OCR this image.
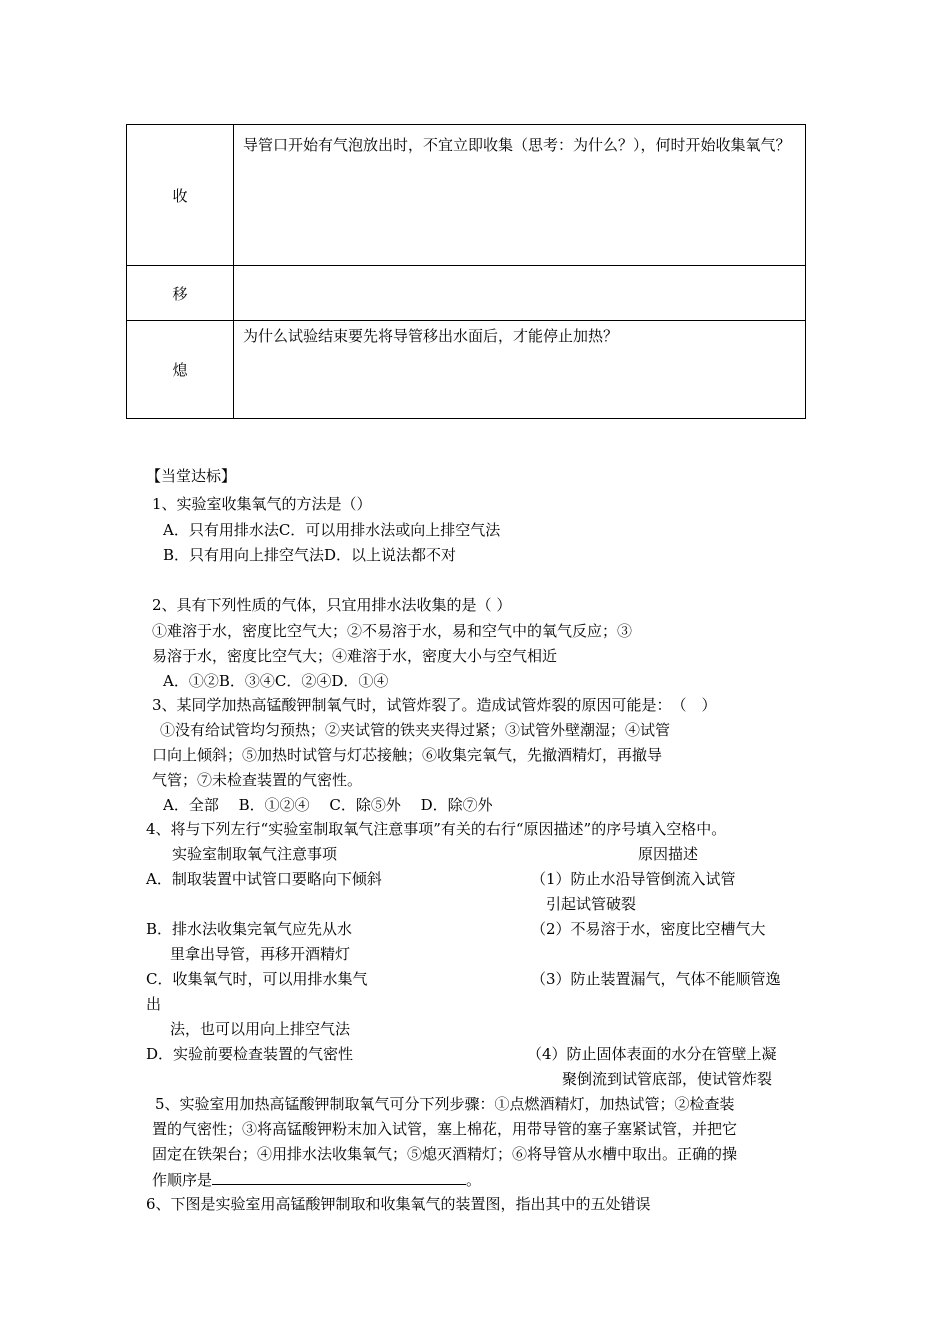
收	导管口开始有气泡放出时，不宜立即收集（思考：为什么？），何时开始收集氧气？
移	
熄	为什么试验结束要先将导管移出水面后，才能停止加热？
【当堂达标】
1、实验室收集氧气的方法是（）
A．只有用排水法C．可以用排水法或向上排空气法
B．只有用向上排空气法D．以上说法都不对
2、具有下列性质的气体，只宜用排水法收集的是（ ）
①难溶于水，密度比空气大；②不易溶于水，易和空气中的氧气反应；③
易溶于水，密度比空气大；④难溶于水，密度大小与空气相近
A．①②B．③④C．②④D．①④
3、某同学加热高锰酸钾制氧气时，试管炸裂了。造成试管炸裂的原因可能是：　（　）
①没有给试管均匀预热；②夹试管的铁夹夹得过紧；③试管外壁潮湿；④试管
口向上倾斜；⑤加热时试管与灯芯接触；⑥收集完氧气，先撤酒精灯，再撤导
气管；⑦未检查装置的气密性。
A．全部　 B．①②④　 C．除⑤外　 D．除⑦外
4、将与下列左行“实验室制取氧气注意事项”有关的右行“原因描述”的序号填入空格中。
实验室制取氧气注意事项	原因描述
A．制取装置中试管口要略向下倾斜	（1）防止水沿导管倒流入试管
引起试管破裂
B．排水法收集完氧气应先从水	（2）不易溶于水，密度比空槽气大
里拿出导管，再移开酒精灯
C．收集氧气时，可以用排水集气	（3）防止装置漏气，气体不能顺管逸
出
法，也可以用向上排空气法
D．实验前要检查装置的气密性	（4）防止固体表面的水分在管壁上凝
聚倒流到试管底部，使试管炸裂
5、实验室用加热高锰酸钾制取氧气可分下列步骤：①点燃酒精灯，加热试管；②检查装
置的气密性；③将高锰酸钾粉末加入试管，塞上棉花，用带导管的塞子塞紧试管，并把它
固定在铁架台；④用排水法收集氧气；⑤熄灭酒精灯；⑥将导管从水槽中取出。正确的操
作顺序是	。
6、下图是实验室用高锰酸钾制取和收集氧气的装置图，指出其中的五处错误
